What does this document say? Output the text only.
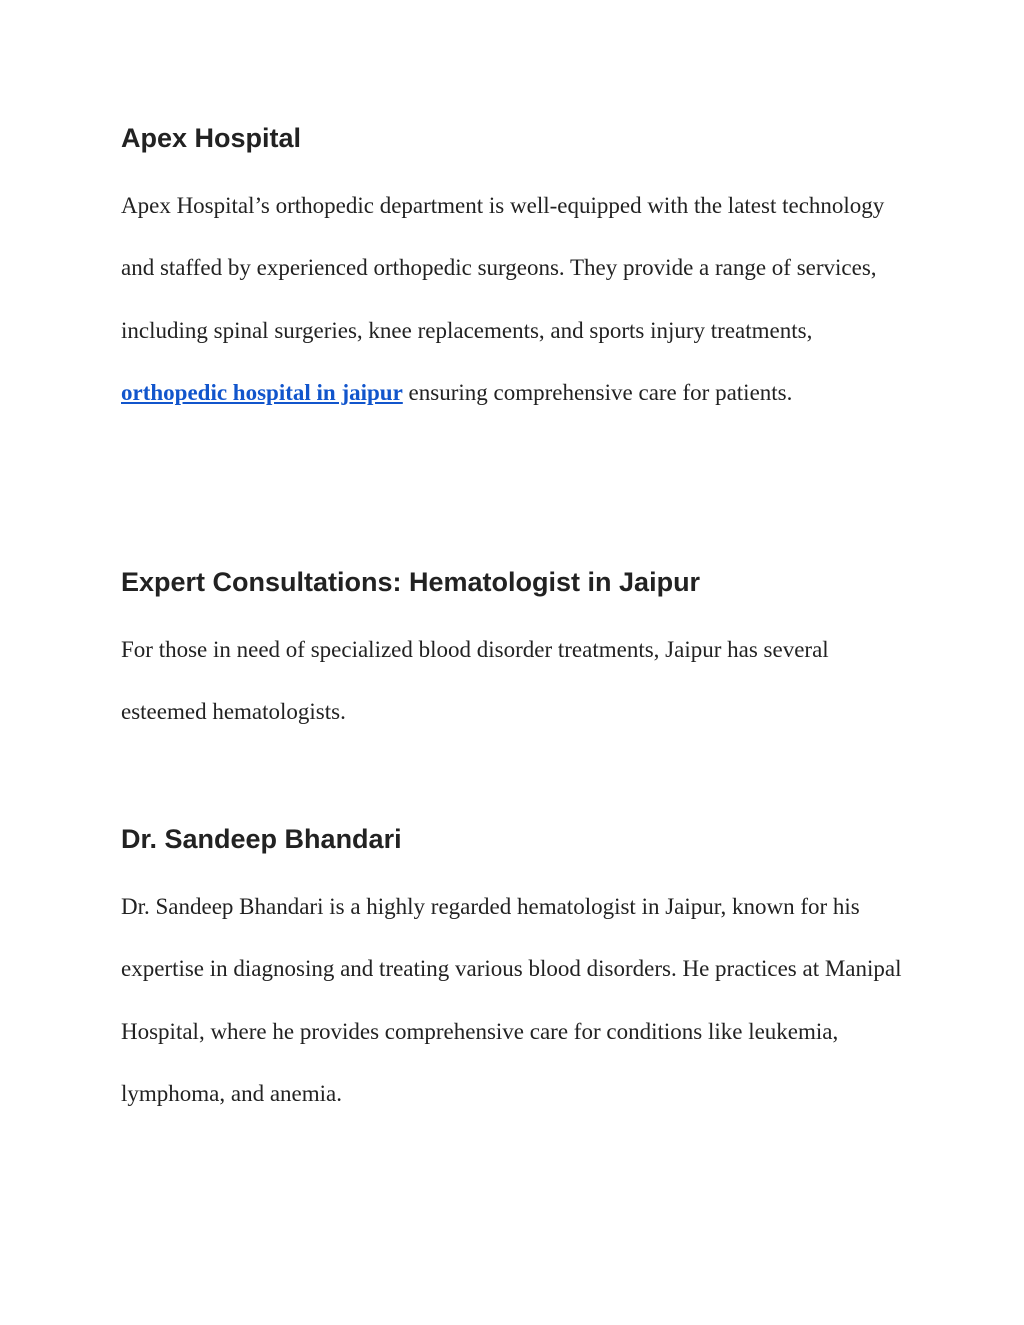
Apex Hospital

Apex Hospital’s orthopedic department is well-equipped with the latest technology and staffed by experienced orthopedic surgeons. They provide a range of services, including spinal surgeries, knee replacements, and sports injury treatments, orthopedic hospital in jaipur ensuring comprehensive care for patients.

Expert Consultations: Hematologist in Jaipur

For those in need of specialized blood disorder treatments, Jaipur has several esteemed hematologists.

Dr. Sandeep Bhandari

Dr. Sandeep Bhandari is a highly regarded hematologist in Jaipur, known for his expertise in diagnosing and treating various blood disorders. He practices at Manipal Hospital, where he provides comprehensive care for conditions like leukemia, lymphoma, and anemia.
